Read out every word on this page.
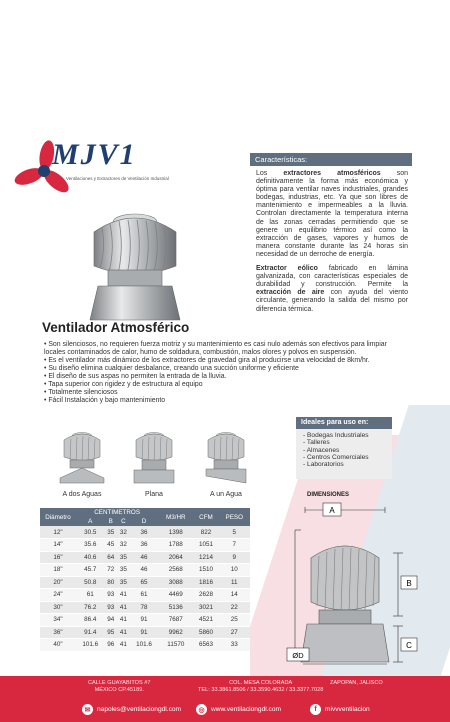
MJV1
Ventilaciones y Extractores de Ventilación Industrial
Características:

Los extractores atmosféricos son definitivamente la forma más económica y óptima para ventilar naves industriales, grandes bodegas, industrias, etc. Ya que son libres de mantenimiento e impermeables a la lluvia. Controlan directamente la temperatura interna de las zonas cerradas permitiendo que se genere un equilibrio térmico así como la extracción de gases, vapores y humos de manera constante durante las 24 horas sin necesidad de un derroche de energía.

Extractor eólico fabricado en lámina galvanizada, con características especiales de durabilidad y construcción. Permite la extracción de aire con ayuda del viento circulante, generando la salida del mismo por diferencia térmica.

Ventilador Atmosférico
• Son silenciosos, no requieren fuerza motriz y su mantenimiento es casi nulo además son efectivos para limpiar locales contaminados de calor, humo de soldadura, combustión, malos olores y polvos en suspensión.
• Es el ventilador más dinámico de los extractores de gravedad gira al producirse una velocidad de 8km/hr.
• Su diseño elimina cualquier desbalance, creando una succión uniforme y eficiente
• El diseño de sus aspas no permiten la entrada de la lluvia.
• Tapa superior con rigidez y de estructura al equipo
• Totalmente silenciosos
• Fácil Instalación y bajo mantenimiento
Ideales para uso en:
- Bodegas Industriales
- Talleres
- Almacenes
- Centros Comerciales
- Laboratorios
A dos Aguas	Plana	A un Agua	DIMENSIONES
A
B
C
ØD
Diámetro	CENTIMETROS				M3/HR	CFM	PESO
	A	B	C	D			
12"	30.5	35	32	36	1398	822	5
14"	35.6	45	32	36	1788	1051	7
16"	40.6	64	35	46	2064	1214	9
18"	45.7	72	35	46	2568	1510	10
20"	50.8	80	35	65	3088	1816	11
24"	61	93	41	61	4469	2628	14
30"	76.2	93	41	78	5136	3021	22
34"	86.4	94	41	91	7687	4521	25
36"	91.4	95	41	91	9962	5860	27
40"	101.6	96	41	101.6	11570	6563	33
CALLE GUAYABITOS #7
MÉXICO CP.45189.
COL. MESA COLORADA
TEL: 33.3861.8506 / 33.3590.4632 / 33.3377.7028
ZAPOPAN, JALISCO
✉ napoles@ventilaciongdl.com	◎ www.ventilaciongdl.com	f	mivvventilacion
